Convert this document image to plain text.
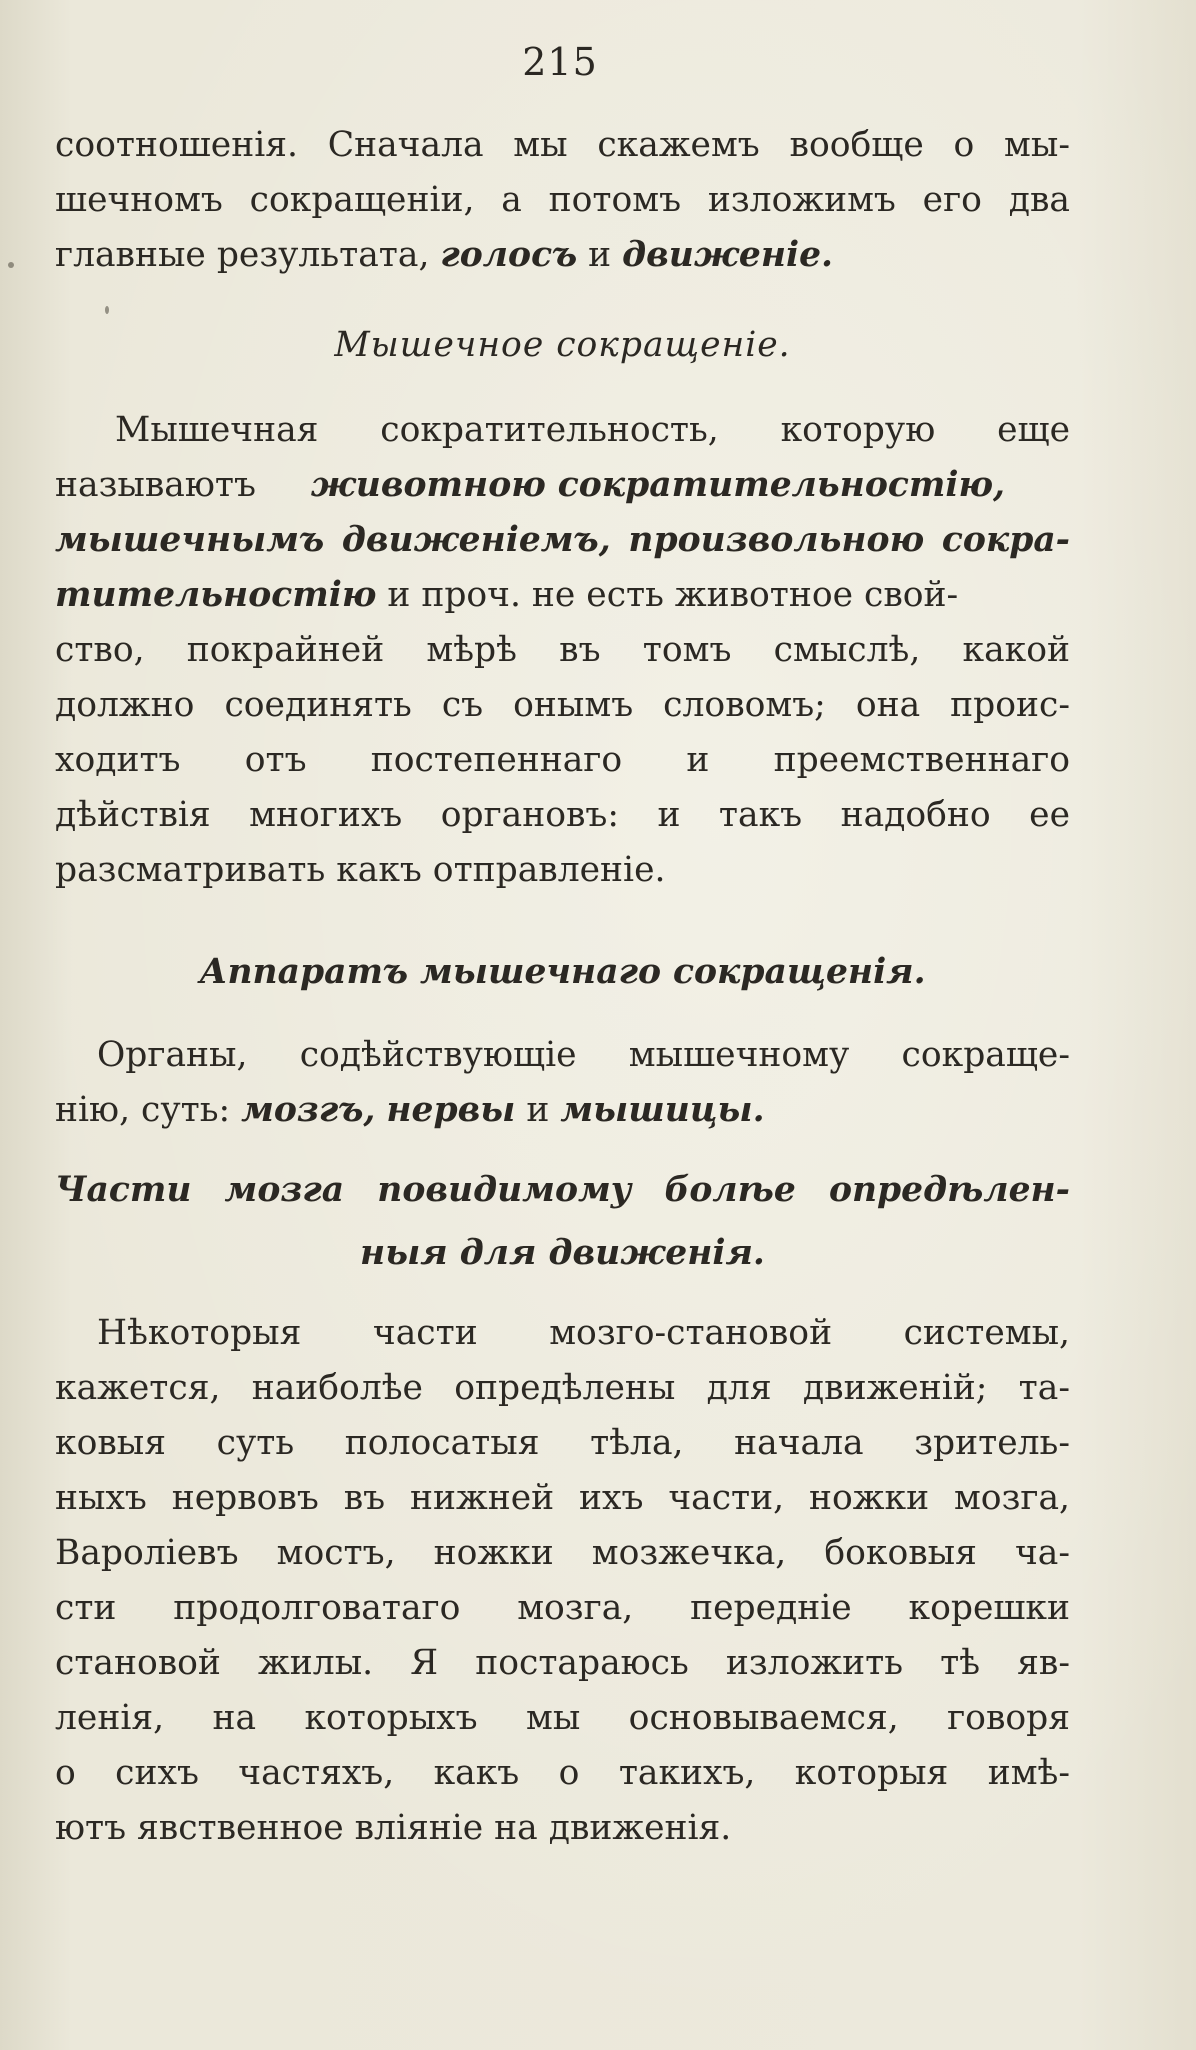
215
соотношенія. Сначала мы скажемъ вообще о мы-
шечномъ сокращеніи, а потомъ изложимъ его два
главные результата, голосъ и движеніе.
Мышечное сокращеніе.
Мышечная сократительность, которую еще
называютъ животною сократительностію,
мышечнымъ движеніемъ, произвольною сокра-
тительностію и проч. не есть животное свой-
ство, покрайней мѣрѣ въ томъ смыслѣ, какой
должно соединять съ онымъ словомъ; она проис-
ходитъ отъ постепеннаго и преемственнаго
дѣйствія многихъ органовъ: и такъ надобно ее
разсматривать какъ отправленіе.
Аппаратъ мышечнаго сокращенія.
Органы, содѣйствующіе мышечному сокраще-
нію, суть: мозгъ, нервы и мышицы.
Части мозга повидимому болѣе опредѣлен-
ныя для движенія.
Нѣкоторыя части мозго-становой системы,
кажется, наиболѣе опредѣлены для движеній; та-
ковыя суть полосатыя тѣла, начала зритель-
ныхъ нервовъ въ нижней ихъ части, ножки мозга,
Вароліевъ мостъ, ножки мозжечка, боковыя ча-
сти продолговатаго мозга, передніе корешки
становой жилы. Я постараюсь изложить тѣ яв-
ленія, на которыхъ мы основываемся, говоря
о сихъ частяхъ, какъ о такихъ, которыя имѣ-
ютъ явственное вліяніе на движенія.
